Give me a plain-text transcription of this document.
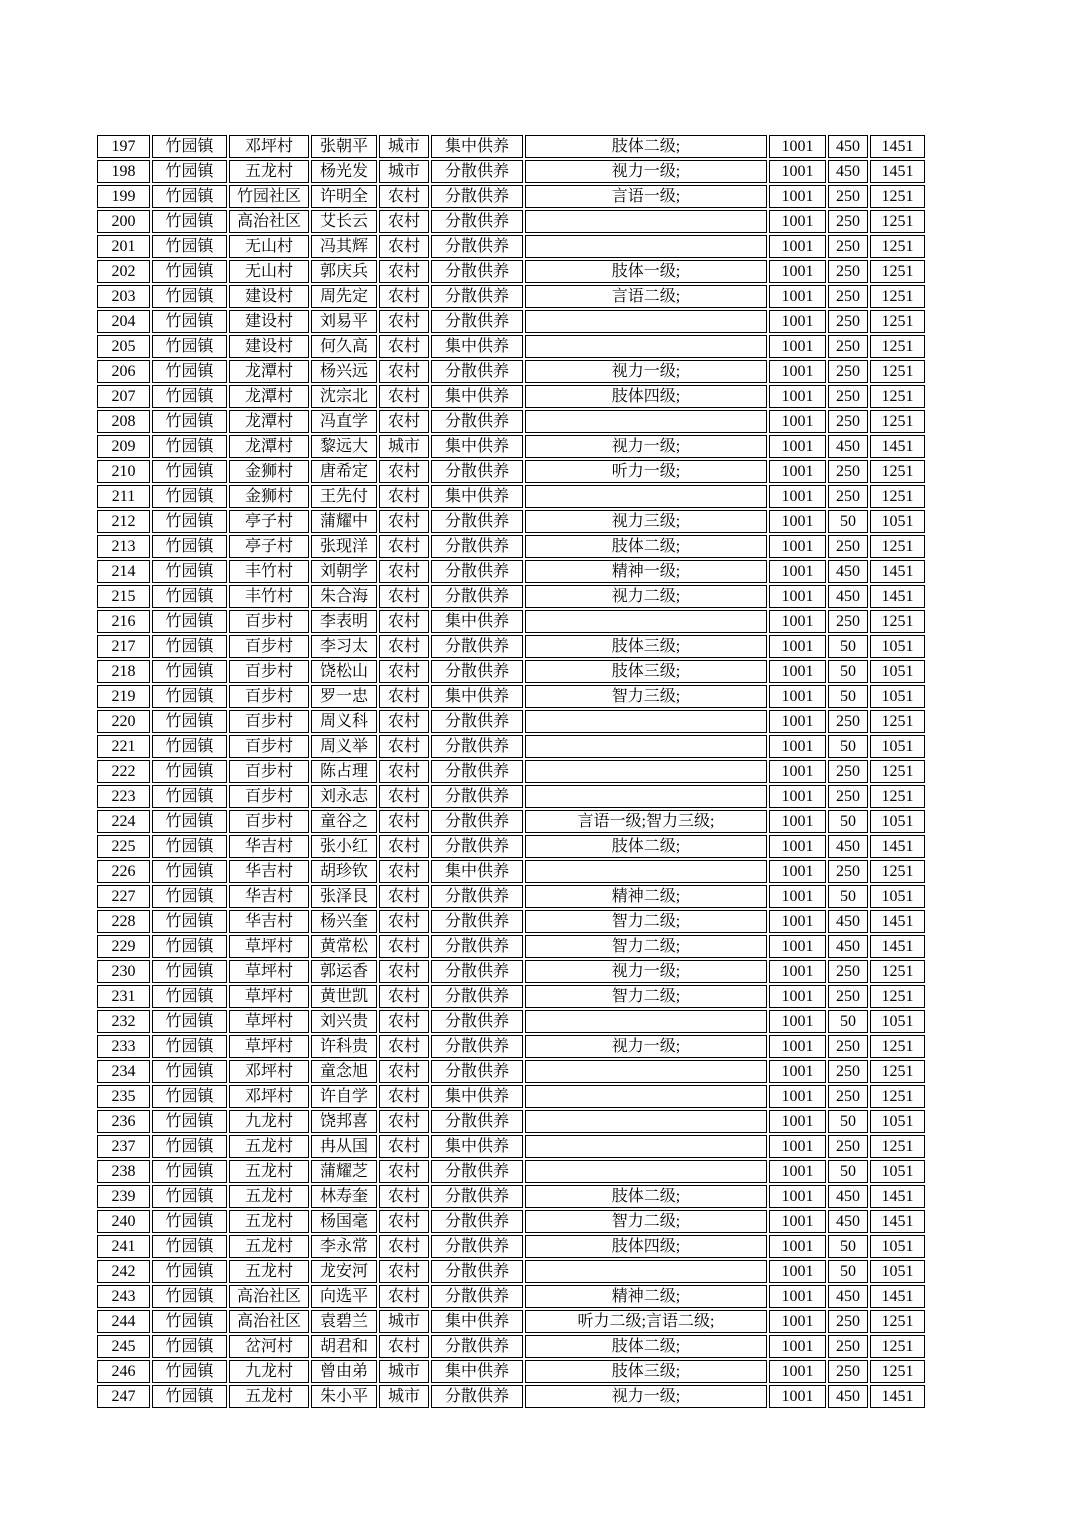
197	竹园镇	邓坪村	张朝平	城市	集中供养	肢体二级;	1001	450	1451
198	竹园镇	五龙村	杨光发	城市	分散供养	视力一级;	1001	450	1451
199	竹园镇	竹园社区	许明全	农村	分散供养	言语一级;	1001	250	1251
200	竹园镇	高治社区	艾长云	农村	分散供养		1001	250	1251
201	竹园镇	无山村	冯其辉	农村	分散供养		1001	250	1251
202	竹园镇	无山村	郭庆兵	农村	分散供养	肢体一级;	1001	250	1251
203	竹园镇	建设村	周先定	农村	分散供养	言语二级;	1001	250	1251
204	竹园镇	建设村	刘易平	农村	分散供养		1001	250	1251
205	竹园镇	建设村	何久高	农村	集中供养		1001	250	1251
206	竹园镇	龙潭村	杨兴远	农村	分散供养	视力一级;	1001	250	1251
207	竹园镇	龙潭村	沈宗北	农村	集中供养	肢体四级;	1001	250	1251
208	竹园镇	龙潭村	冯直学	农村	分散供养		1001	250	1251
209	竹园镇	龙潭村	黎远大	城市	集中供养	视力一级;	1001	450	1451
210	竹园镇	金狮村	唐希定	农村	分散供养	听力一级;	1001	250	1251
211	竹园镇	金狮村	王先付	农村	集中供养		1001	250	1251
212	竹园镇	亭子村	蒲耀中	农村	分散供养	视力三级;	1001	50	1051
213	竹园镇	亭子村	张现洋	农村	分散供养	肢体二级;	1001	250	1251
214	竹园镇	丰竹村	刘朝学	农村	分散供养	精神一级;	1001	450	1451
215	竹园镇	丰竹村	朱合海	农村	分散供养	视力二级;	1001	450	1451
216	竹园镇	百步村	李表明	农村	集中供养		1001	250	1251
217	竹园镇	百步村	李习太	农村	分散供养	肢体三级;	1001	50	1051
218	竹园镇	百步村	饶松山	农村	分散供养	肢体三级;	1001	50	1051
219	竹园镇	百步村	罗一忠	农村	集中供养	智力三级;	1001	50	1051
220	竹园镇	百步村	周义科	农村	分散供养		1001	250	1251
221	竹园镇	百步村	周义举	农村	分散供养		1001	50	1051
222	竹园镇	百步村	陈占理	农村	分散供养		1001	250	1251
223	竹园镇	百步村	刘永志	农村	分散供养		1001	250	1251
224	竹园镇	百步村	童谷之	农村	分散供养	言语一级;智力三级;	1001	50	1051
225	竹园镇	华吉村	张小红	农村	分散供养	肢体二级;	1001	450	1451
226	竹园镇	华吉村	胡珍钦	农村	集中供养		1001	250	1251
227	竹园镇	华吉村	张泽艮	农村	分散供养	精神二级;	1001	50	1051
228	竹园镇	华吉村	杨兴奎	农村	分散供养	智力二级;	1001	450	1451
229	竹园镇	草坪村	黄常松	农村	分散供养	智力二级;	1001	450	1451
230	竹园镇	草坪村	郭运香	农村	分散供养	视力一级;	1001	250	1251
231	竹园镇	草坪村	黄世凯	农村	分散供养	智力二级;	1001	250	1251
232	竹园镇	草坪村	刘兴贵	农村	分散供养		1001	50	1051
233	竹园镇	草坪村	许科贵	农村	分散供养	视力一级;	1001	250	1251
234	竹园镇	邓坪村	童念旭	农村	分散供养		1001	250	1251
235	竹园镇	邓坪村	许自学	农村	集中供养		1001	250	1251
236	竹园镇	九龙村	饶邦喜	农村	分散供养		1001	50	1051
237	竹园镇	五龙村	冉从国	农村	集中供养		1001	250	1251
238	竹园镇	五龙村	蒲耀芝	农村	分散供养		1001	50	1051
239	竹园镇	五龙村	林寿奎	农村	分散供养	肢体二级;	1001	450	1451
240	竹园镇	五龙村	杨国毫	农村	分散供养	智力二级;	1001	450	1451
241	竹园镇	五龙村	李永常	农村	分散供养	肢体四级;	1001	50	1051
242	竹园镇	五龙村	龙安河	农村	分散供养		1001	50	1051
243	竹园镇	高治社区	向选平	农村	分散供养	精神二级;	1001	450	1451
244	竹园镇	高治社区	袁碧兰	城市	集中供养	听力二级;言语二级;	1001	250	1251
245	竹园镇	岔河村	胡君和	农村	分散供养	肢体二级;	1001	250	1251
246	竹园镇	九龙村	曾由弟	城市	集中供养	肢体三级;	1001	250	1251
247	竹园镇	五龙村	朱小平	城市	分散供养	视力一级;	1001	450	1451
